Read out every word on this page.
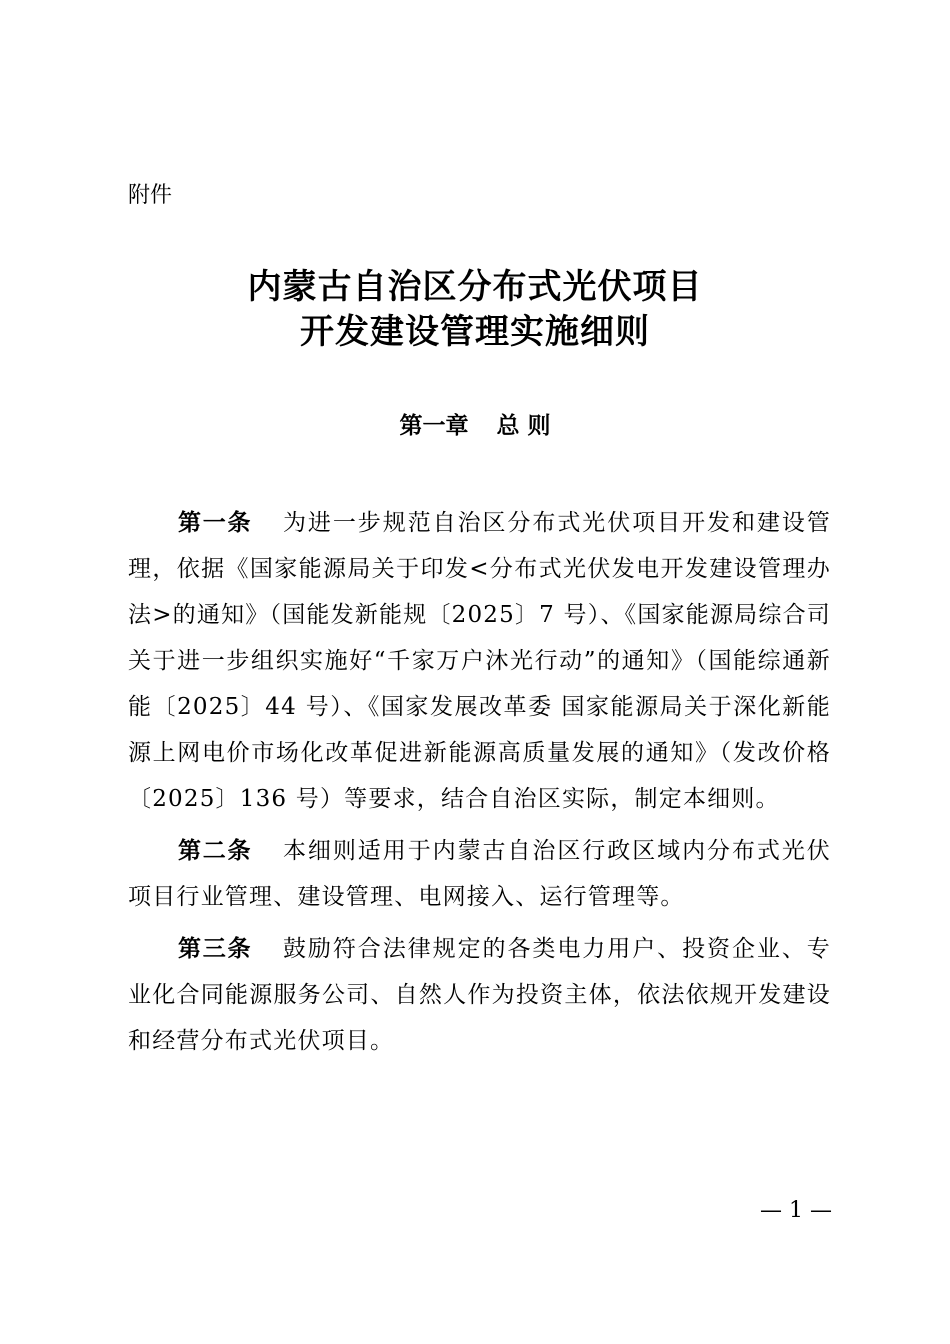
附件
内蒙古自治区分布式光伏项目
开发建设管理实施细则
第一章 总 则

第一条 为进一步规范自治区分布式光伏项目开发和建设管理，依据《国家能源局关于印发<分布式光伏发电开发建设管理办法>的通知》（国能发新能规〔2025〕7 号）、《国家能源局综合司关于进一步组织实施好“千家万户沐光行动”的通知》（国能综通新能〔2025〕44 号）、《国家发展改革委 国家能源局关于深化新能源上网电价市场化改革促进新能源高质量发展的通知》（发改价格〔2025〕136 号）等要求，结合自治区实际，制定本细则。

第二条 本细则适用于内蒙古自治区行政区域内分布式光伏项目行业管理、建设管理、电网接入、运行管理等。

第三条 鼓励符合法律规定的各类电力用户、投资企业、专业化合同能源服务公司、自然人作为投资主体，依法依规开发建设和经营分布式光伏项目。

— 1 —
